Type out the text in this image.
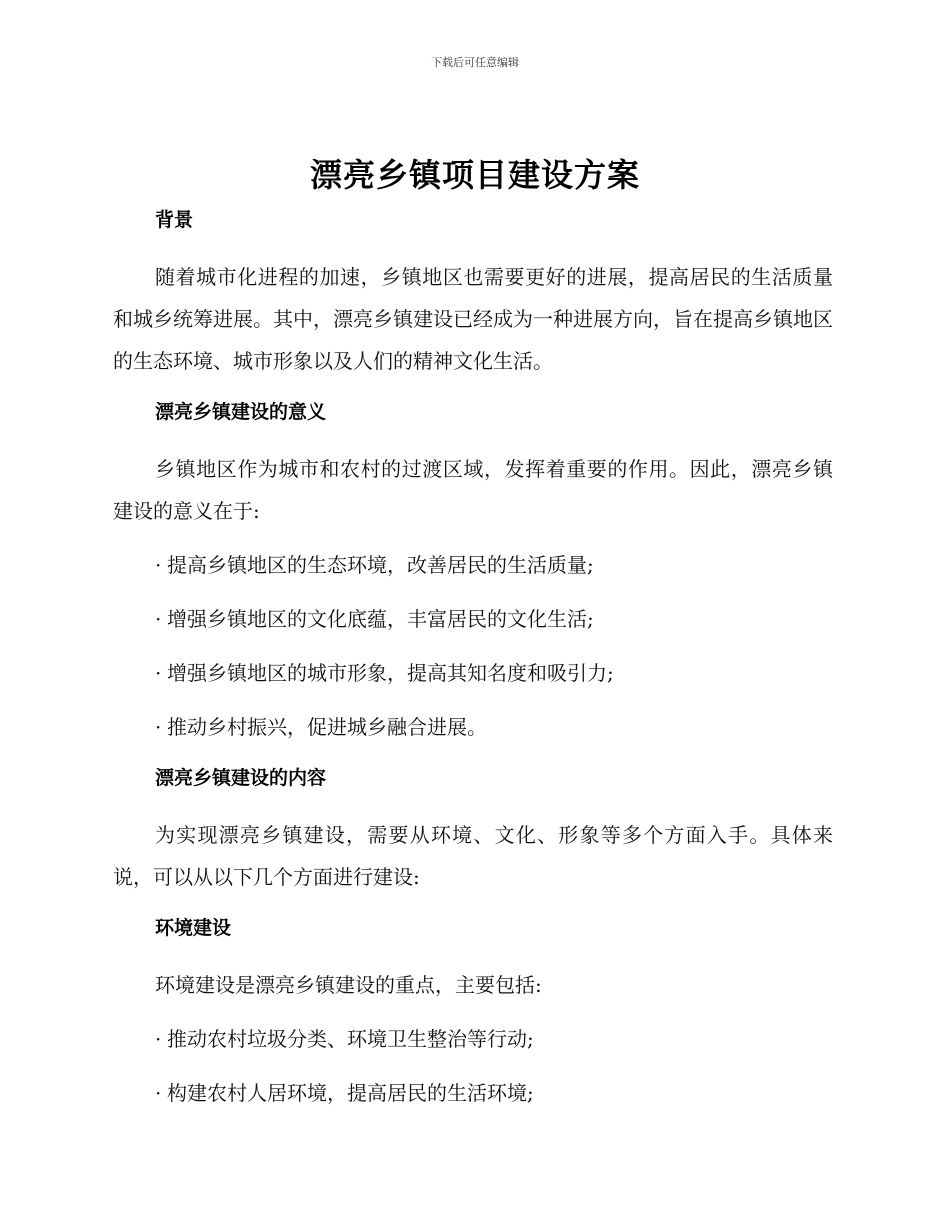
下载后可任意编辑
漂亮乡镇项目建设方案
背景
随着城市化进程的加速，乡镇地区也需要更好的进展，提高居民的生活质量和城乡统筹进展。其中，漂亮乡镇建设已经成为一种进展方向，旨在提高乡镇地区的生态环境、城市形象以及人们的精神文化生活。
漂亮乡镇建设的意义
乡镇地区作为城市和农村的过渡区域，发挥着重要的作用。因此，漂亮乡镇建设的意义在于:
· 提高乡镇地区的生态环境，改善居民的生活质量;
· 增强乡镇地区的文化底蕴，丰富居民的文化生活;
· 增强乡镇地区的城市形象，提高其知名度和吸引力;
· 推动乡村振兴，促进城乡融合进展。
漂亮乡镇建设的内容
为实现漂亮乡镇建设，需要从环境、文化、形象等多个方面入手。具体来说，可以从以下几个方面进行建设:
环境建设
环境建设是漂亮乡镇建设的重点，主要包括:
· 推动农村垃圾分类、环境卫生整治等行动;
· 构建农村人居环境，提高居民的生活环境;
